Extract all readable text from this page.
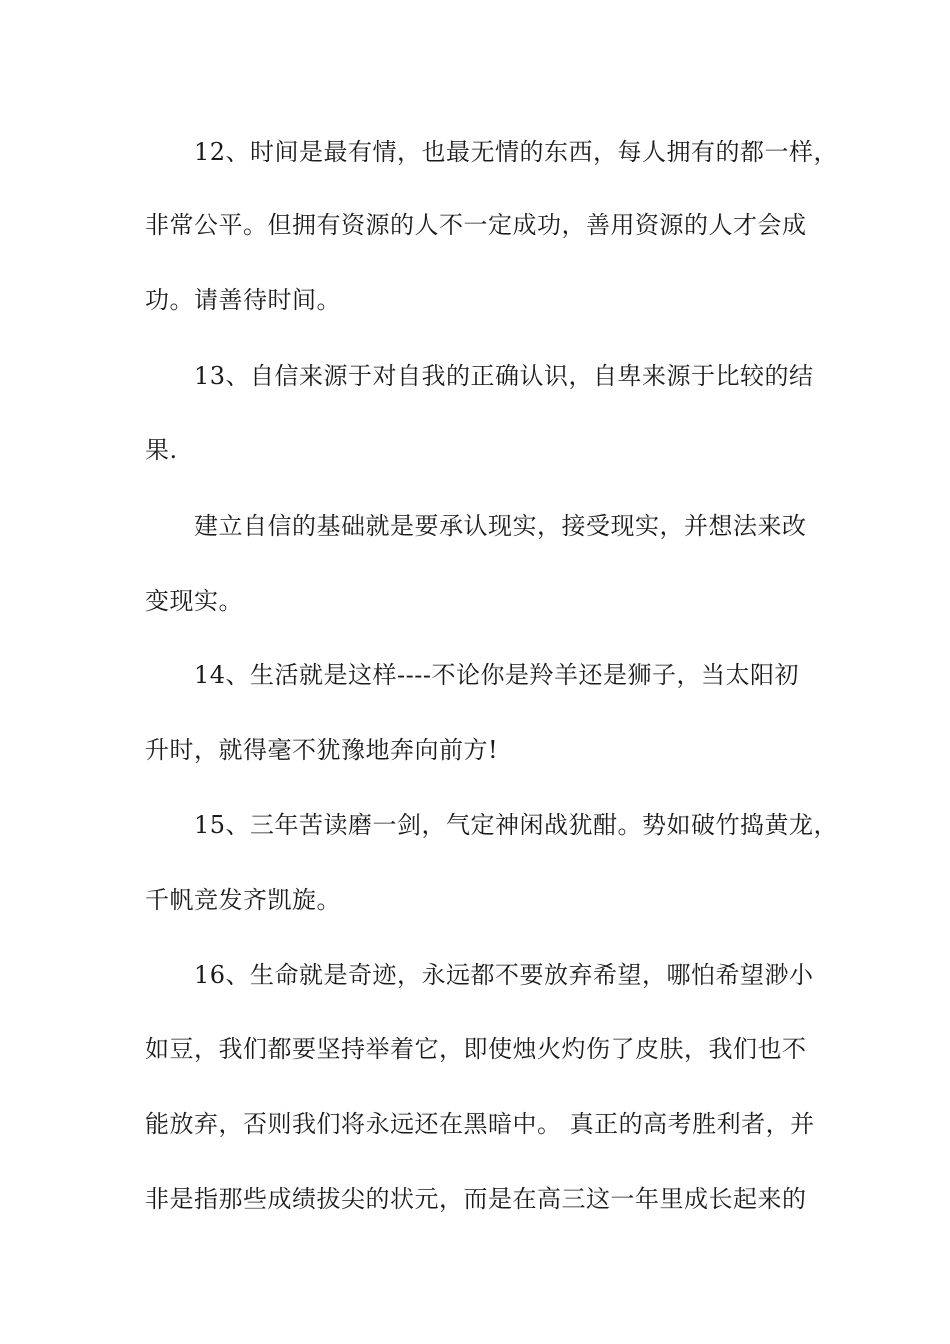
12、时间是最有情，也最无情的东西，每人拥有的都一样，
非常公平。但拥有资源的人不一定成功，善用资源的人才会成
功。请善待时间。
13、自信来源于对自我的正确认识，自卑来源于比较的结
果.
建立自信的基础就是要承认现实，接受现实，并想法来改
变现实。
14、生活就是这样----不论你是羚羊还是狮子，当太阳初
升时，就得毫不犹豫地奔向前方!
15、三年苦读磨一剑，气定神闲战犹酣。势如破竹捣黄龙，
千帆竞发齐凯旋。
16、生命就是奇迹，永远都不要放弃希望，哪怕希望渺小
如豆，我们都要坚持举着它，即使烛火灼伤了皮肤，我们也不
能放弃，否则我们将永远还在黑暗中。 真正的高考胜利者，并
非是指那些成绩拔尖的状元，而是在高三这一年里成长起来的
